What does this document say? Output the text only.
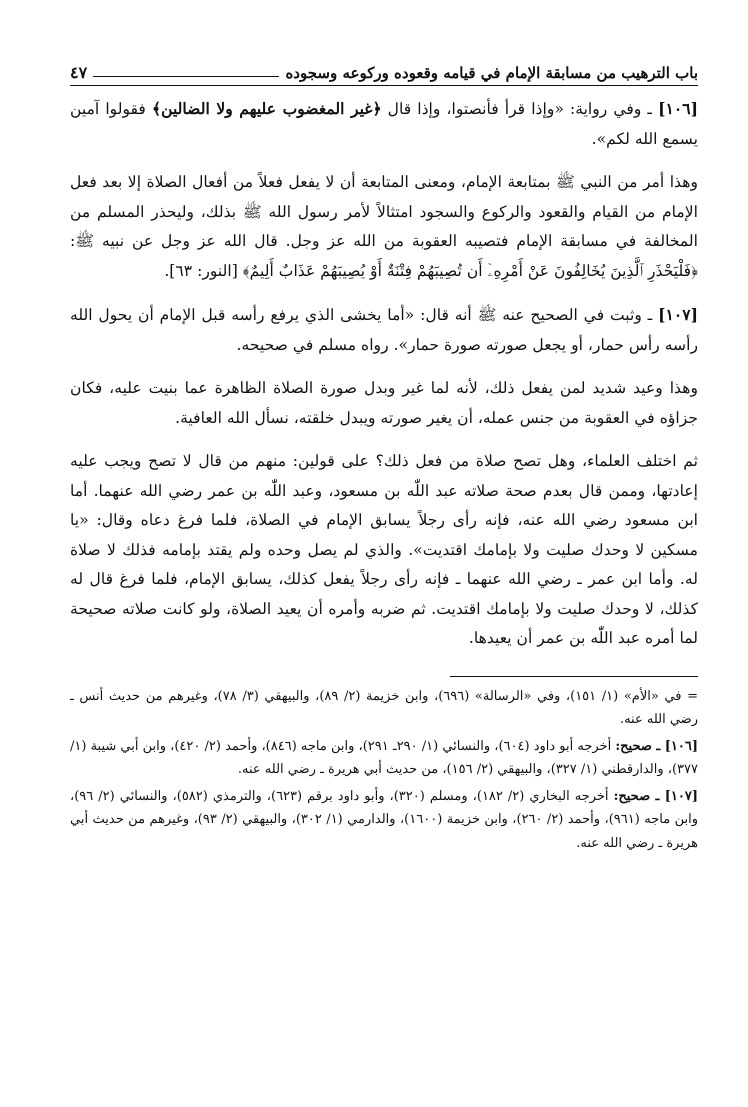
باب الترهيب من مسابقة الإمام في قيامه وقعوده وركوعه وسجوده
٤٧

[١٠٦] ـ وفي رواية: «وإذا قرأ فأنصتوا، وإذا قال ﴿غير المغضوب عليهم ولا الضالين﴾ فقولوا آمين يسمع الله لكم».

وهذا أمر من النبي ﷺ بمتابعة الإمام، ومعنى المتابعة أن لا يفعل فعلاً من أفعال الصلاة إلا بعد فعل الإمام من القيام والقعود والركوع والسجود امتثالاً لأمر رسول الله ﷺ بذلك، وليحذر المسلم من المخالفة في مسابقة الإمام فتصيبه العقوبة من الله عز وجل. قال الله عز وجل عن نبيه ﷺ: ﴿فَلْيَحْذَرِ ٱلَّذِينَ يُخَالِفُونَ عَنْ أَمْرِهِۦٓ أَن تُصِيبَهُمْ فِتْنَةٌ أَوْ يُصِيبَهُمْ عَذَابٌ أَلِيمٌ﴾ [النور: ٦٣].

[١٠٧] ـ وثبت في الصحيح عنه ﷺ أنه قال: «أما يخشى الذي يرفع رأسه قبل الإمام أن يحول الله رأسه رأس حمار، أو يجعل صورته صورة حمار». رواه مسلم في صحيحه.

وهذا وعيد شديد لمن يفعل ذلك، لأنه لما غير وبدل صورة الصلاة الظاهرة عما بنيت عليه، فكان جزاؤه في العقوبة من جنس عمله، أن يغير صورته ويبدل خلقته، نسأل الله العافية.

ثم اختلف العلماء، وهل تصح صلاة من فعل ذلك؟ على قولين: منهم من قال لا تصح ويجب عليه إعادتها، وممن قال بعدم صحة صلاته عبد اللّٰه بن مسعود، وعبد اللّٰه بن عمر رضي الله عنهما. أما ابن مسعود رضي الله عنه، فإنه رأى رجلاً يسابق الإمام في الصلاة، فلما فرغ دعاه وقال: «يا مسكين لا وحدك صليت ولا بإمامك اقتديت». والذي لم يصل وحده ولم يقتد بإمامه فذلك لا صلاة له. وأما ابن عمر ـ رضي الله عنهما ـ فإنه رأى رجلاً يفعل كذلك، يسابق الإمام، فلما فرغ قال له كذلك، لا وحدك صليت ولا بإمامك اقتديت. ثم ضربه وأمره أن يعيد الصلاة، ولو كانت صلاته صحيحة لما أمره عبد اللّٰه بن عمر أن يعيدها.

= في «الأم» (١/ ١٥١)، وفي «الرسالة» (٦٩٦)، وابن خزيمة (٢/ ٨٩)، والبيهقي (٣/ ٧٨)، وغيرهم من حديث أنس ـ رضي الله عنه.

[١٠٦] ـ صحيح: أخرجه أبو داود (٦٠٤)، والنسائي (١/ ٢٩٠ـ ٢٩١)، وابن ماجه (٨٤٦)، وأحمد (٢/ ٤٢٠)، وابن أبي شيبة (١/ ٣٧٧)، والدارقطني (١/ ٣٢٧)، والبيهقي (٢/ ١٥٦)، من حديث أبي هريرة ـ رضي الله عنه.

[١٠٧] ـ صحيح: أخرجه البخاري (٢/ ١٨٢)، ومسلم (٣٢٠)، وأبو داود برقم (٦٢٣)، والترمذي (٥٨٢)، والنسائي (٢/ ٩٦)، وابن ماجه (٩٦١)، وأحمد (٢/ ٢٦٠)، وابن خزيمة (١٦٠٠)، والدارمي (١/ ٣٠٢)، والبيهقي (٢/ ٩٣)، وغيرهم من حديث أبي هريرة ـ رضي الله عنه.
